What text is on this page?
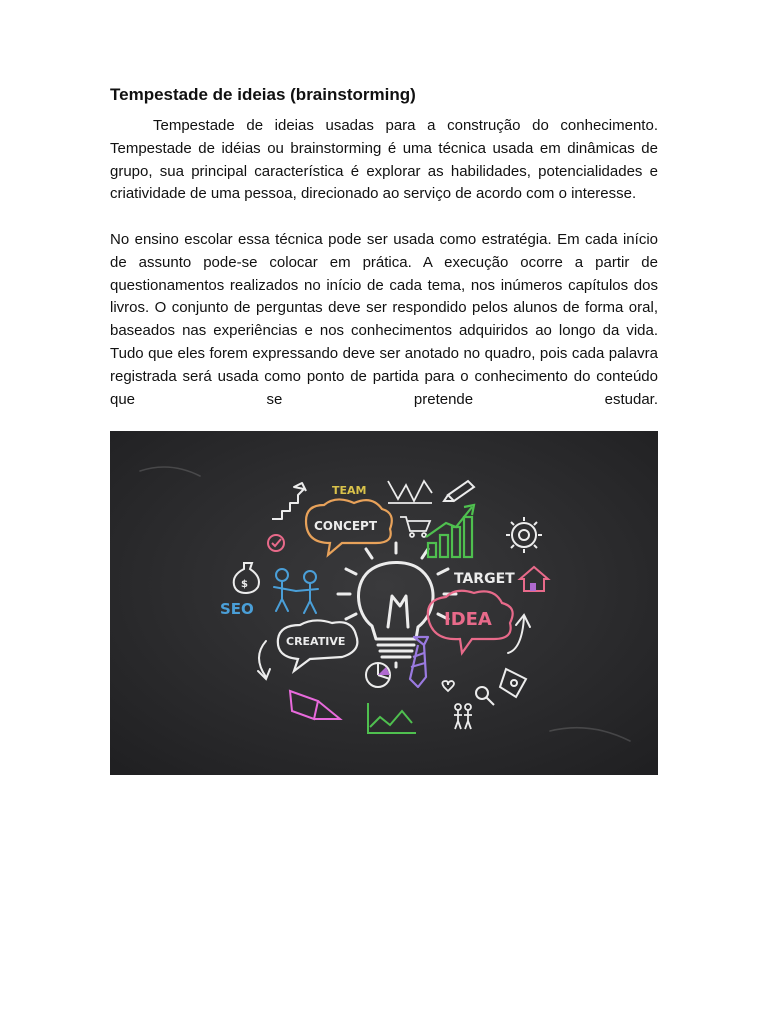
Tempestade de ideias (brainstorming)

Tempestade de ideias usadas para a construção do conhecimento. Tempestade de idéias ou brainstorming é uma técnica usada em dinâmicas de grupo, sua principal característica é explorar as habilidades, potencialidades e criatividade de uma pessoa, direcionado ao serviço de acordo com o interesse.

No ensino escolar essa técnica pode ser usada como estratégia. Em cada início de assunto pode-se colocar em prática. A execução ocorre a partir de questionamentos realizados no início de cada tema, nos inúmeros capítulos dos livros. O conjunto de perguntas deve ser respondido pelos alunos de forma oral, baseados nas experiências e nos conhecimentos adquiridos ao longo da vida. Tudo que eles forem expressando deve ser anotado no quadro, pois cada palavra registrada será usada como ponto de partida para o conhecimento do conteúdo que se pretende estudar.

TEAM
CONCEPT
$
SEO
TARGET
IDEA
CREATIVE
